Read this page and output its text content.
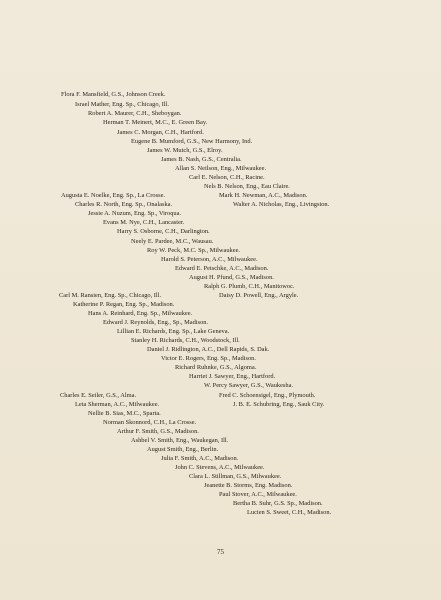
Flora F. Mansfield, G.S., Johnson Creek.
Israel Mather, Eng. Sp., Chicago, Ill.
Robert A. Maurer, C.H., Sheboygan.
Herman T. Meinert, M.C., E. Green Bay.
James C. Morgan, C.H., Hartford.
Eugene B. Mumford, G.S., New Harmony, Ind.
James W. Mutch, G.S., Elroy.
James B. Nash, G.S., Centralia.
Allan S. Neilson, Eng., Milwaukee.
Carl E. Nelson, C.H., Racine.
Nels B. Nelson, Eng., Eau Claire.
Augusta E. Noelke, Eng. Sp., La Crosse.	Mark H. Newman, A.C., Madison.
Charles R. North, Eng. Sp., Onalaska.	Walter A. Nicholas, Eng., Livingston.
Jessie A. Nuzum, Eng. Sp., Viroqua.
Evans M. Nye, C.H., Lancaster.
Harry S. Osborne, C.H., Darlington.
Neely E. Pardee, M.C., Wausau.
Roy W. Peck, M.C. Sp., Milwaukee.
Harold S. Peterson, A.C., Milwaukee.
Edward E. Petschke, A.C., Madison.
August H. Pfund, G.S., Madison.
Ralph G. Plumb, C.H., Manitowoc.
Carl M. Ransien, Eng. Sp., Chicago, Ill.	Daisy D. Powell, Eng., Argyle.
Katherine P. Regan, Eng. Sp., Madison.
Hans A. Reinhard, Eng. Sp., Milwaukee.
Edward J. Reynolds, Eng., Sp., Madison.
Lillian E. Richards, Eng. Sp., Lake Geneva.
Stanley H. Richards, C.H., Woodstock, Ill.
Daniel J. Ridlington, A.C., Dell Rapids, S. Dak.
Victor E. Rogers, Eng. Sp., Madison.
Richard Ruhnke, G.S., Algoma.
Harriet J. Sawyer, Eng., Hartford.
W. Percy Sawyer, G.S., Waukesha.
Charles E. Seiler, G.S., Alma.	Fred C. Schoensigel, Eng., Plymouth.
Leta Sherman, A.C., Milwaukee.	J. B. E. Schubring, Eng., Sauk City.
Nellie B. Sias, M.C., Sparta.
Norman Skonnord, C.H., La Crosse.
Arthur F. Smith, G.S., Madison.
Ashbel V. Smith, Eng., Waukegan, Ill.
August Smith, Eng., Berlin.
Julia F. Smith, A.C., Madison.
John C. Stevens, A.C., Milwaukee.
Clara L. Stillman, G.S., Milwaukee.
Jeanette B. Storms, Eng. Madison.
Paul Stover, A.C., Milwaukee.
Bertha B. Suhr, G.S. Sp., Madison.
Lucien S. Sweet, C.H., Madison.
75
